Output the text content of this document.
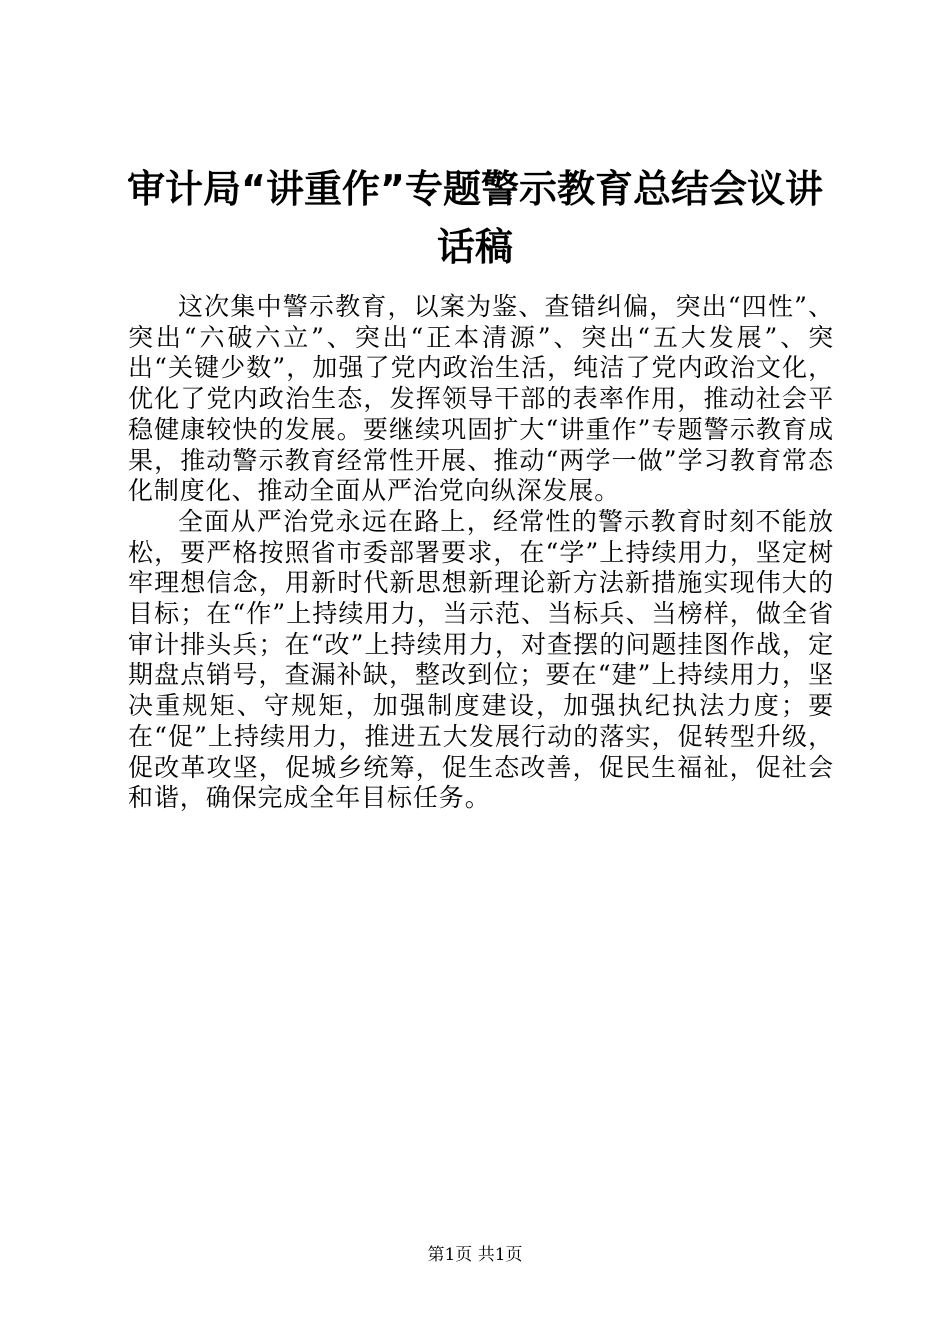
审计局“讲重作”专题警示教育总结会议讲话稿

这次集中警示教育，以案为鉴、查错纠偏，突出“四性”、突出“六破六立”、突出“正本清源”、突出“五大发展”、突出“关键少数”，加强了党内政治生活，纯洁了党内政治文化，优化了党内政治生态，发挥领导干部的表率作用，推动社会平稳健康较快的发展。要继续巩固扩大“讲重作”专题警示教育成果，推动警示教育经常性开展、推动“两学一做”学习教育常态化制度化、推动全面从严治党向纵深发展。

全面从严治党永远在路上，经常性的警示教育时刻不能放松，要严格按照省市委部署要求，在“学”上持续用力，坚定树牢理想信念，用新时代新思想新理论新方法新措施实现伟大的目标；在“作”上持续用力，当示范、当标兵、当榜样，做全省审计排头兵；在“改”上持续用力，对查摆的问题挂图作战，定期盘点销号，查漏补缺，整改到位；要在“建”上持续用力，坚决重规矩、守规矩，加强制度建设，加强执纪执法力度；要在“促”上持续用力，推进五大发展行动的落实，促转型升级，促改革攻坚，促城乡统筹，促生态改善，促民生福祉，促社会和谐，确保完成全年目标任务。

第1页 共1页
